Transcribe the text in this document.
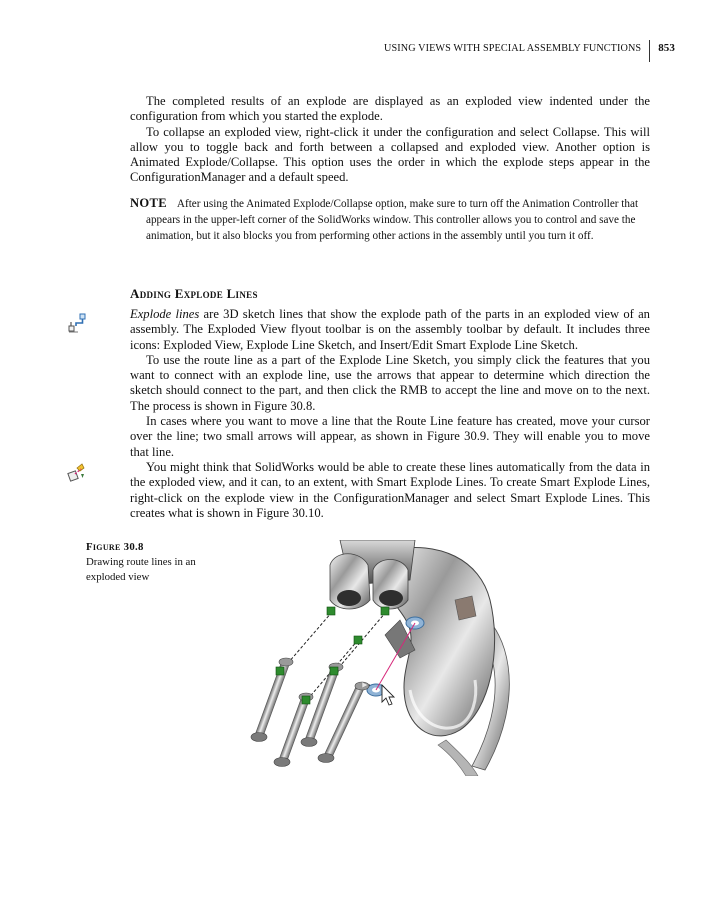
USING VIEWS WITH SPECIAL ASSEMBLY FUNCTIONS 853

The completed results of an explode are displayed as an exploded view indented under the configuration from which you started the explode.

To collapse an exploded view, right-click it under the configuration and select Collapse. This will allow you to toggle back and forth between a collapsed and exploded view. Another option is Animated Explode/Collapse. This option uses the order in which the explode steps appear in the ConfigurationManager and a default speed.

NOTE After using the Animated Explode/Collapse option, make sure to turn off the Animation Controller that appears in the upper-left corner of the SolidWorks window. This controller allows you to control and save the animation, but it also blocks you from performing other actions in the assembly until you turn it off.
Adding Explode Lines

Explode lines are 3D sketch lines that show the explode path of the parts in an exploded view of an assembly. The Exploded View flyout toolbar is on the assembly toolbar by default. It includes three icons: Exploded View, Explode Line Sketch, and Insert/Edit Smart Explode Line Sketch.

To use the route line as a part of the Explode Line Sketch, you simply click the features that you want to connect with an explode line, use the arrows that appear to determine which direction the sketch should connect to the part, and then click the RMB to accept the line and move on to the next. The process is shown in Figure 30.8.

In cases where you want to move a line that the Route Line feature has created, move your cursor over the line; two small arrows will appear, as shown in Figure 30.9. They will enable you to move that line.

You might think that SolidWorks would be able to create these lines automatically from the data in the exploded view, and it can, to an extent, with Smart Explode Lines. To create Smart Explode Lines, right-click on the explode view in the ConfigurationManager and select Smart Explode Lines. This creates what is shown in Figure 30.10.

Figure 30.8
Drawing route lines in an exploded view
